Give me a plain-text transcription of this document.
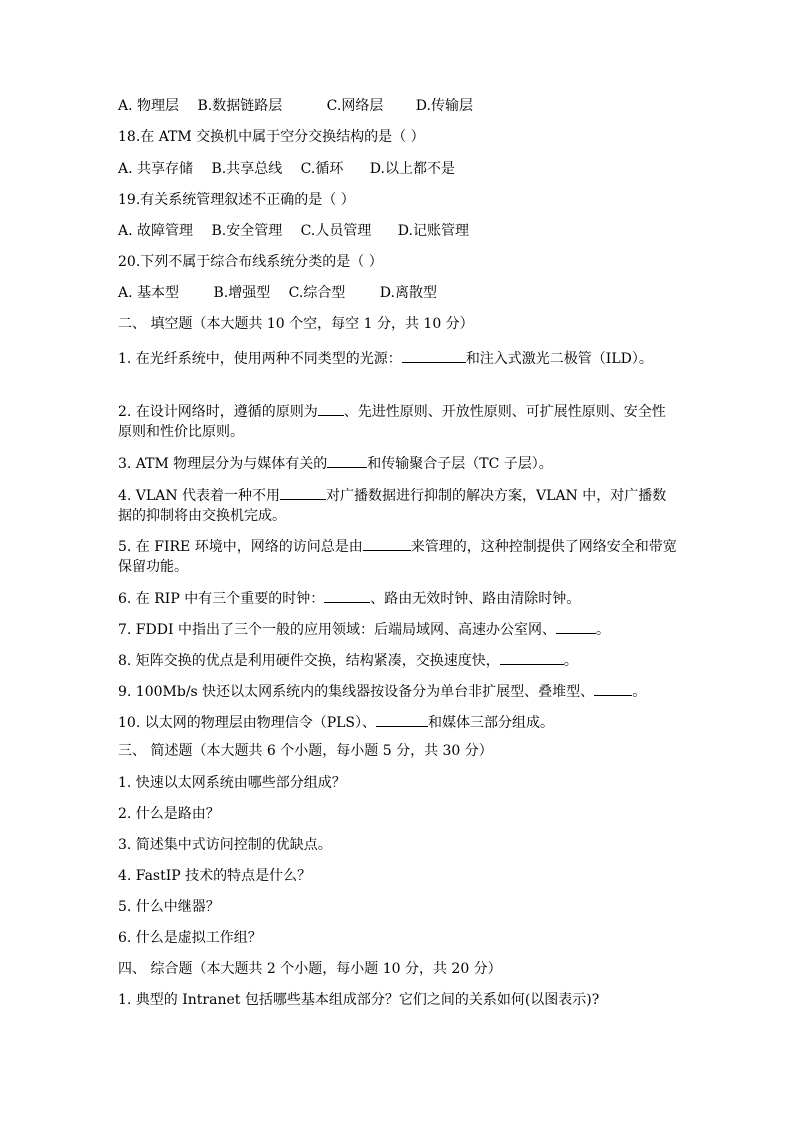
A. 物理层 B.数据链路层	C.网络层 D.传输层
18.在 ATM 交换机中属于空分交换结构的是（ ）
A. 共享存储 B.共享总线 C.循环 D.以上都不是
19.有关系统管理叙述不正确的是（ ）
A. 故障管理 B.安全管理 C.人员管理 D.记账管理
20.下列不属于综合布线系统分类的是（ ）
A. 基本型 B.增强型 C.综合型 D.离散型
二、 填空题（本大题共 10 个空，每空 1 分，共 10 分）
1. 在光纤系统中，使用两种不同类型的光源：	和注入式激光二极管（ILD）。
2. 在设计网络时，遵循的原则为 、先进性原则、开放性原则、可扩展性原则、安全性原则和性价比原则。
3. ATM 物理层分为与媒体有关的	和传输聚合子层（TC 子层）。
4. VLAN 代表着一种不用	对广播数据进行抑制的解决方案，VLAN 中，对广播数据的抑制将由交换机完成。
5. 在 FIRE 环境中，网络的访问总是由	来管理的，这种控制提供了网络安全和带宽保留功能。
6. 在 RIP 中有三个重要的时钟：	、路由无效时钟、路由清除时钟。
7. FDDI 中指出了三个一般的应用领域：后端局域网、高速办公室网、	。
8. 矩阵交换的优点是利用硬件交换，结构紧凑，交换速度快，	。
9. 100Mb/s 快还以太网系统内的集线器按设备分为单台非扩展型、叠堆型、	。
10. 以太网的物理层由物理信令（PLS）、	和媒体三部分组成。
三、 简述题（本大题共 6 个小题，每小题 5 分，共 30 分）
1. 快速以太网系统由哪些部分组成？
2. 什么是路由？
3. 简述集中式访问控制的优缺点。
4. FastIP 技术的特点是什么？
5. 什么中继器？
6. 什么是虚拟工作组？
四、 综合题（本大题共 2 个小题，每小题 10 分，共 20 分）
1. 典型的 Intranet 包括哪些基本组成部分？它们之间的关系如何(以图表示)?
